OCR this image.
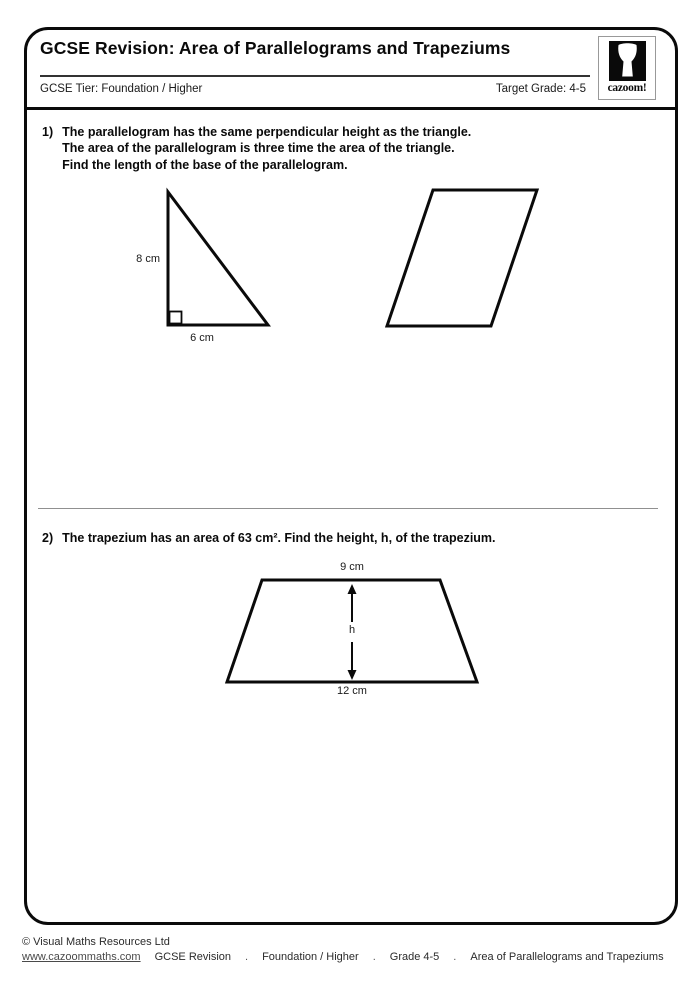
GCSE Revision: Area of Parallelograms and Trapeziums
GCSE Tier: Foundation / Higher	Target Grade: 4-5	cazoom!
1) The parallelogram has the same perpendicular height as the triangle.
The area of the parallelogram is three time the area of the triangle.
Find the length of the base of the parallelogram.
8 cm
6 cm
2) The trapezium has an area of 63 cm². Find the height, h, of the trapezium.
9 cm
12 cm
h
© Visual Maths Resources Ltd
www.cazoommaths.com GCSE Revision . Foundation / Higher . Grade 4-5 . Area of Parallelograms and Trapeziums
